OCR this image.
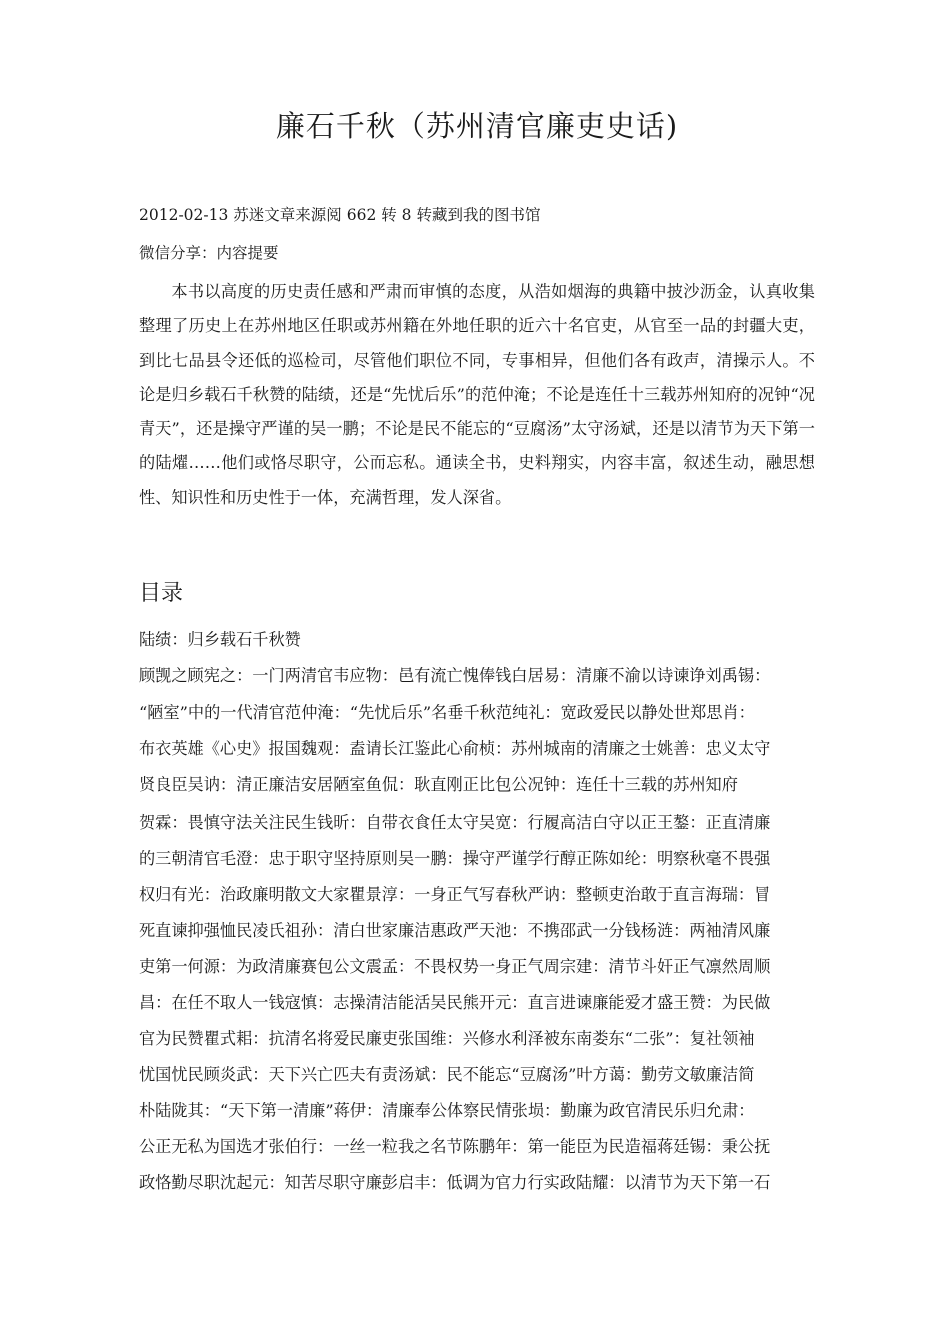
廉石千秋（苏州清官廉吏史话)

2012-02-13 苏迷文章来源阅 662 转 8 转藏到我的图书馆

微信分享：内容提要

本书以高度的历史责任感和严肃而审慎的态度，从浩如烟海的典籍中披沙沥金，认真收集整理了历史上在苏州地区任职或苏州籍在外地任职的近六十名官吏，从官至一品的封疆大吏，到比七品县令还低的巡检司，尽管他们职位不同，专事相异，但他们各有政声，清操示人。不论是归乡载石千秋赞的陆绩，还是“先忧后乐”的范仲淹；不论是连任十三载苏州知府的况钟“况青天”，还是操守严谨的吴一鹏；不论是民不能忘的“豆腐汤”太守汤斌，还是以清节为天下第一的陆燿……他们或恪尽职守，公而忘私。通读全书，史料翔实，内容丰富，叙述生动，融思想性、知识性和历史性于一体，充满哲理，发人深省。

目录

陆绩：归乡载石千秋赞

顾觊之顾宪之：一门两清官韦应物：邑有流亡愧俸钱白居易：清廉不渝以诗谏诤刘禹锡：

“陋室”中的一代清官范仲淹：“先忧后乐”名垂千秋范纯礼：宽政爱民以静处世郑思肖：

布衣英雄《心史》报国魏观：盍请长江鉴此心俞桢：苏州城南的清廉之士姚善：忠义太守

贤良臣吴讷：清正廉洁安居陋室鱼侃：耿直刚正比包公况钟：连任十三载的苏州知府

贺霖：畏慎守法关注民生钱昕：自带衣食任太守吴宽：行履高洁白守以正王鏊：正直清廉

的三朝清官毛澄：忠于职守坚持原则吴一鹏：操守严谨学行醇正陈如纶：明察秋毫不畏强

权归有光：治政廉明散文大家瞿景淳：一身正气写春秋严讷：整顿吏治敢于直言海瑞：冒

死直谏抑强恤民凌氏祖孙：清白世家廉洁惠政严天池：不携邵武一分钱杨涟：两袖清风廉

吏第一何源：为政清廉赛包公文震孟：不畏权势一身正气周宗建：清节斗奸正气凛然周顺

昌：在任不取人一钱寇慎：志操清洁能活吴民熊开元：直言进谏廉能爱才盛王赞：为民做

官为民赞瞿式耜：抗清名将爱民廉吏张国维：兴修水利泽被东南娄东“二张”：复社领袖

忧国忧民顾炎武：天下兴亡匹夫有责汤斌：民不能忘“豆腐汤”叶方蔼：勤劳文敏廉洁简

朴陆陇其：“天下第一清廉”蒋伊：清廉奉公体察民情张埙：勤廉为政官清民乐归允肃：

公正无私为国选才张伯行：一丝一粒我之名节陈鹏年：第一能臣为民造福蒋廷锡：秉公抚

政恪勤尽职沈起元：知苦尽职守廉彭启丰：低调为官力行实政陆耀：以清节为天下第一石
